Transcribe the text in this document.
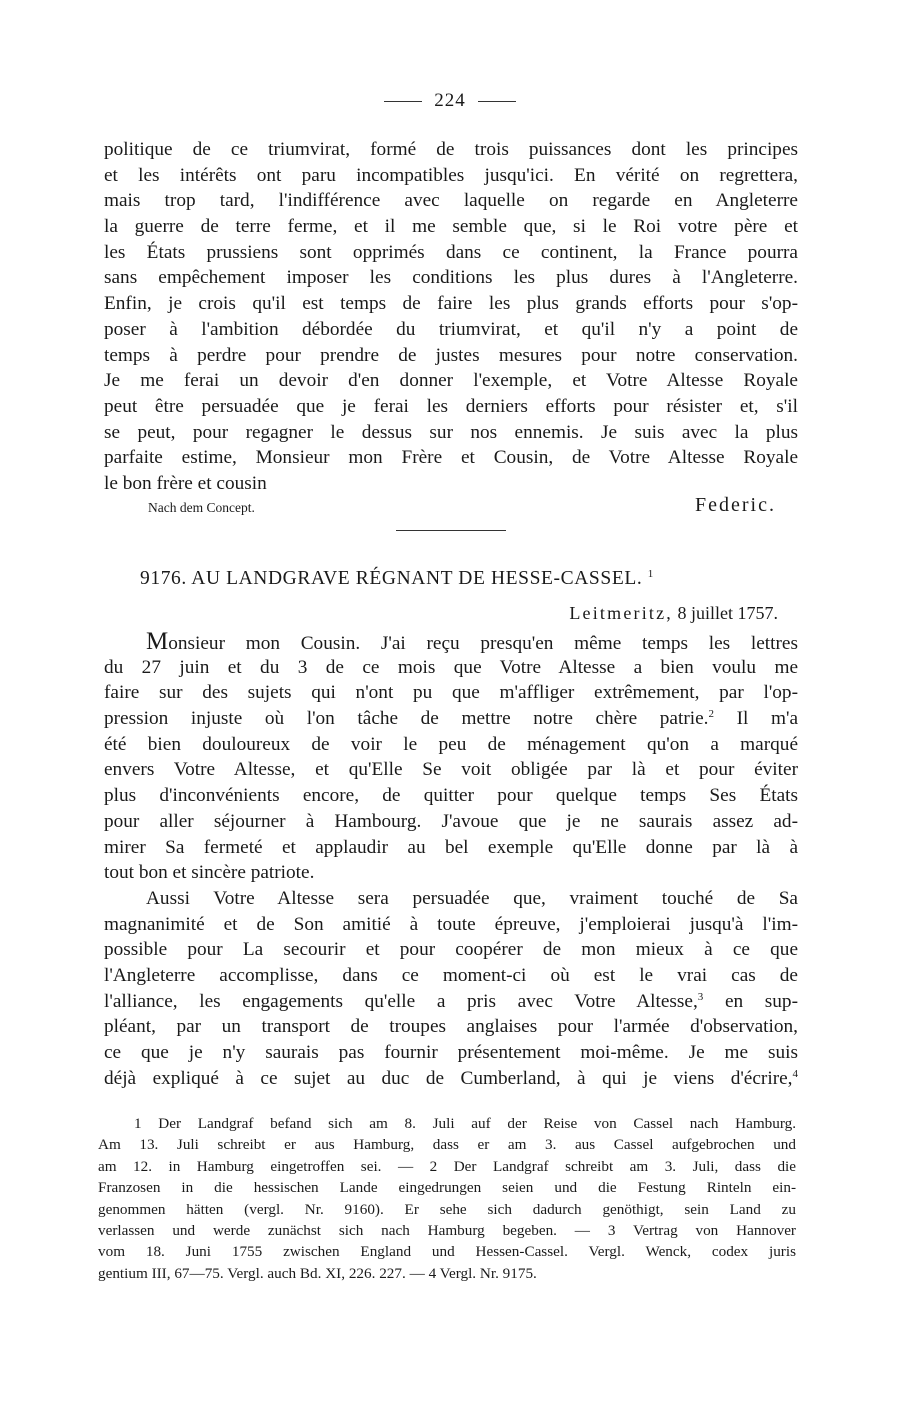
224
politique de ce triumvirat, formé de trois puissances dont les principes
et les intérêts ont paru incompatibles jusqu'ici. En vérité on regrettera,
mais trop tard, l'indifférence avec laquelle on regarde en Angleterre
la guerre de terre ferme, et il me semble que, si le Roi votre père et
les États prussiens sont opprimés dans ce continent, la France pourra
sans empêchement imposer les conditions les plus dures à l'Angleterre.
Enfin, je crois qu'il est temps de faire les plus grands efforts pour s'op-
poser à l'ambition débordée du triumvirat, et qu'il n'y a point de
temps à perdre pour prendre de justes mesures pour notre conservation.
Je me ferai un devoir d'en donner l'exemple, et Votre Altesse Royale
peut être persuadée que je ferai les derniers efforts pour résister et, s'il
se peut, pour regagner le dessus sur nos ennemis. Je suis avec la plus
parfaite estime, Monsieur mon Frère et Cousin, de Votre Altesse Royale
le bon frère et cousin
Nach dem Concept.	Federic.
9176. AU LANDGRAVE RÉGNANT DE HESSE-CASSEL. $^1$
Leitmeritz, 8 juillet 1757.
Monsieur mon Cousin. J'ai reçu presqu'en même temps les lettres
du 27 juin et du 3 de ce mois que Votre Altesse a bien voulu me
faire sur des sujets qui n'ont pu que m'affliger extrêmement, par l'op-
pression injuste où l'on tâche de mettre notre chère patrie.$^2$ Il m'a
été bien douloureux de voir le peu de ménagement qu'on a marqué
envers Votre Altesse, et qu'Elle Se voit obligée par là et pour éviter
plus d'inconvénients encore, de quitter pour quelque temps Ses États
pour aller séjourner à Hambourg. J'avoue que je ne saurais assez ad-
mirer Sa fermeté et applaudir au bel exemple qu'Elle donne par là à
tout bon et sincère patriote.
Aussi Votre Altesse sera persuadée que, vraiment touché de Sa
magnanimité et de Son amitié à toute épreuve, j'emploierai jusqu'à l'im-
possible pour La secourir et pour coopérer de mon mieux à ce que
l'Angleterre accomplisse, dans ce moment-ci où est le vrai cas de
l'alliance, les engagements qu'elle a pris avec Votre Altesse,$^3$ en sup-
pléant, par un transport de troupes anglaises pour l'armée d'observation,
ce que je n'y saurais pas fournir présentement moi-même. Je me suis
déjà expliqué à ce sujet au duc de Cumberland, à qui je viens d'écrire,$^4$
1 Der Landgraf befand sich am 8. Juli auf der Reise von Cassel nach Hamburg.
Am 13. Juli schreibt er aus Hamburg, dass er am 3. aus Cassel aufgebrochen und
am 12. in Hamburg eingetroffen sei. — 2 Der Landgraf schreibt am 3. Juli, dass die
Franzosen in die hessischen Lande eingedrungen seien und die Festung Rinteln ein-
genommen hätten (vergl. Nr. 9160). Er sehe sich dadurch genöthigt, sein Land zu
verlassen und werde zunächst sich nach Hamburg begeben. — 3 Vertrag von Hannover
vom 18. Juni 1755 zwischen England und Hessen-Cassel. Vergl. Wenck, codex juris
gentium III, 67—75. Vergl. auch Bd. XI, 226. 227. — 4 Vergl. Nr. 9175.
